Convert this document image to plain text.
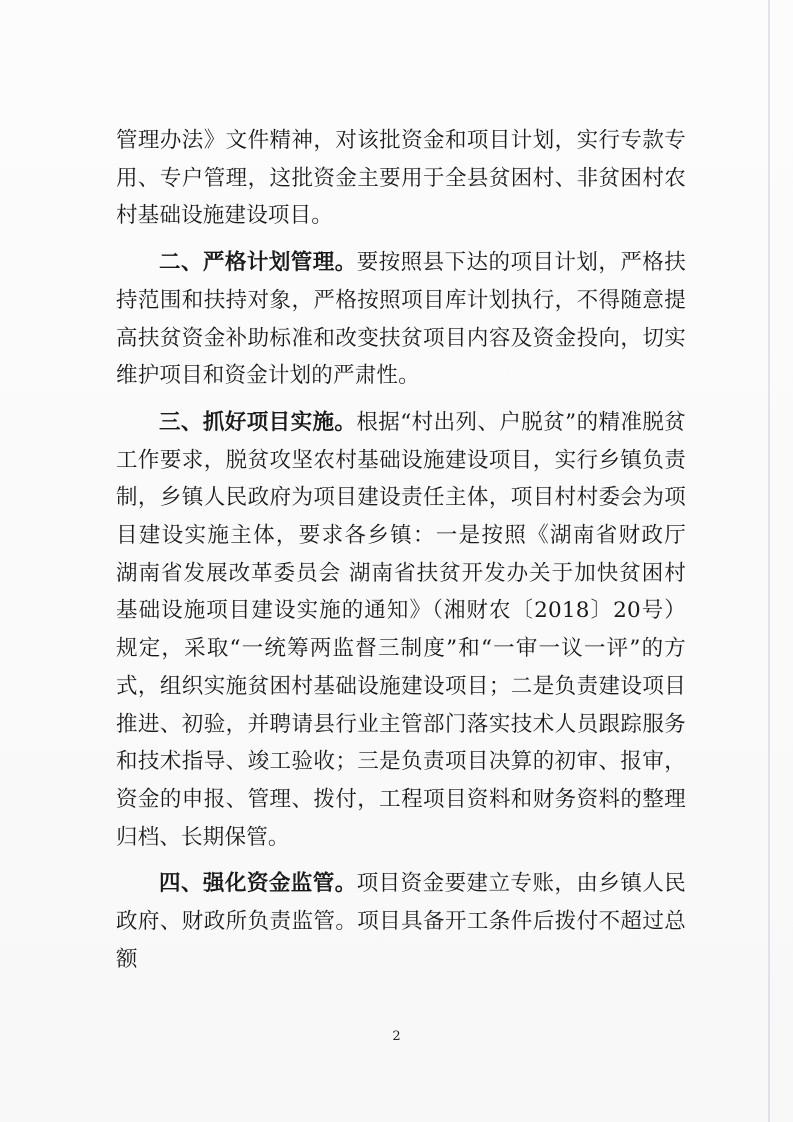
管理办法》文件精神，对该批资金和项目计划，实行专款专用、专户管理，这批资金主要用于全县贫困村、非贫困村农村基础设施建设项目。

二、严格计划管理。要按照县下达的项目计划，严格扶持范围和扶持对象，严格按照项目库计划执行，不得随意提高扶贫资金补助标准和改变扶贫项目内容及资金投向，切实维护项目和资金计划的严肃性。

三、抓好项目实施。根据“村出列、户脱贫”的精准脱贫工作要求，脱贫攻坚农村基础设施建设项目，实行乡镇负责制，乡镇人民政府为项目建设责任主体，项目村村委会为项目建设实施主体，要求各乡镇：一是按照《湖南省财政厅 湖南省发展改革委员会 湖南省扶贫开发办关于加快贫困村基础设施项目建设实施的通知》（湘财农〔2018〕20号）规定，采取“一统筹两监督三制度”和“一审一议一评”的方式，组织实施贫困村基础设施建设项目；二是负责建设项目推进、初验，并聘请县行业主管部门落实技术人员跟踪服务和技术指导、竣工验收；三是负责项目决算的初审、报审，资金的申报、管理、拨付，工程项目资料和财务资料的整理归档、长期保管。

四、强化资金监管。项目资金要建立专账，由乡镇人民政府、财政所负责监管。项目具备开工条件后拨付不超过总额

2
